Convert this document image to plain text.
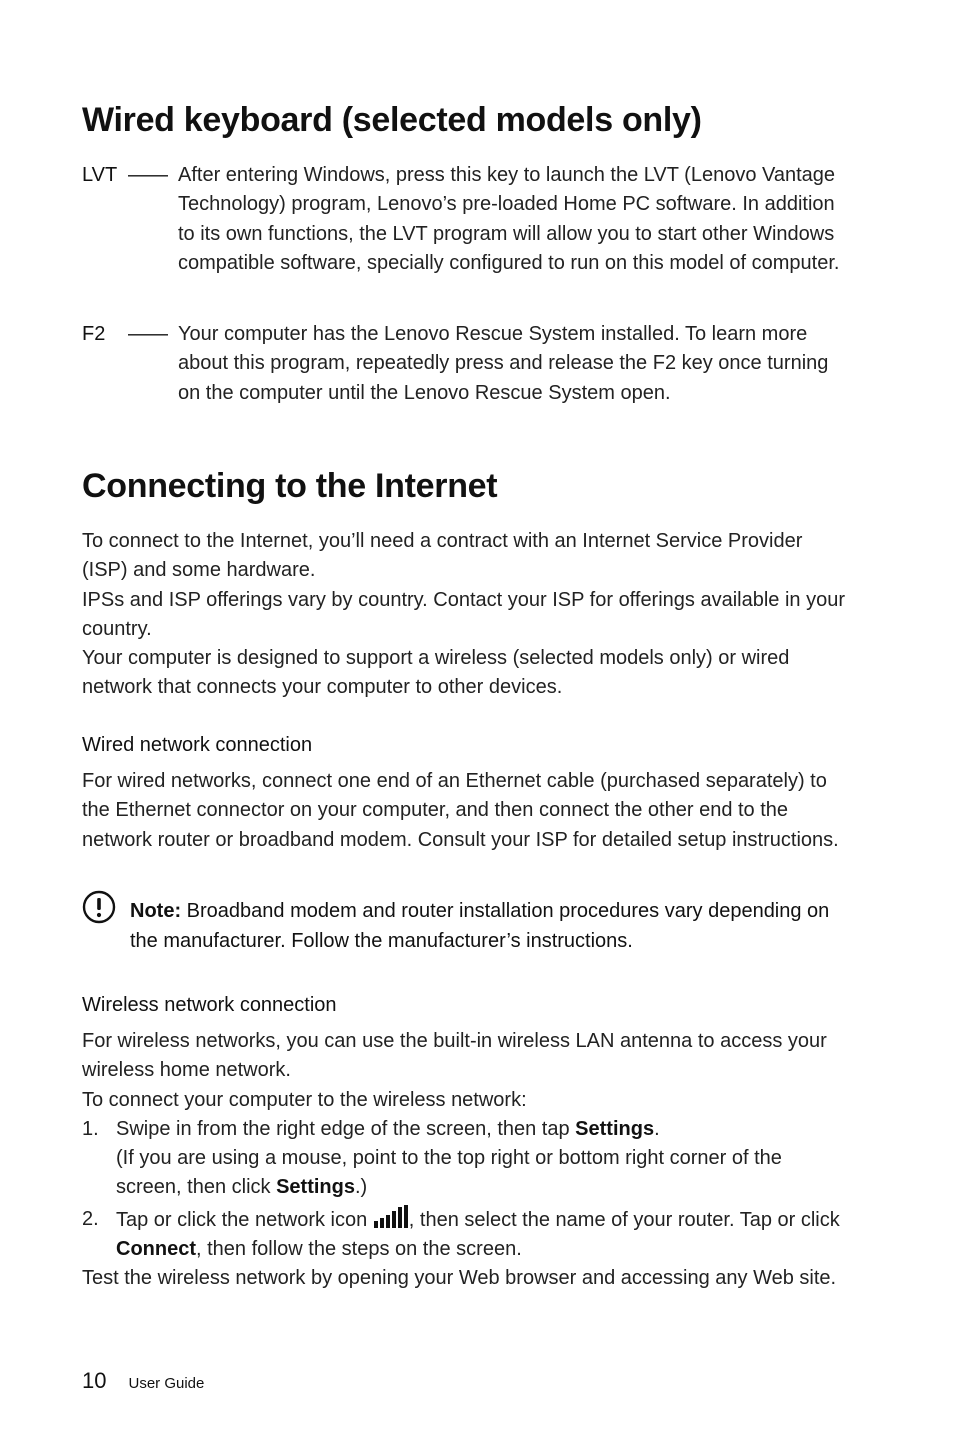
Wired keyboard (selected models only)
LVT —— After entering Windows, press this key to launch the LVT (Lenovo Vantage Technology) program, Lenovo’s pre-loaded Home PC software. In addition to its own functions, the LVT program will allow you to start other Windows compatible software, specially configured to run on this model of computer.
F2	—— Your computer has the Lenovo Rescue System installed. To learn more about this program, repeatedly press and release the F2 key once turning on the computer until the Lenovo Rescue System open.
Connecting to the Internet

To connect to the Internet, you’ll need a contract with an Internet Service Provider (ISP) and some hardware.

IPSs and ISP offerings vary by country. Contact your ISP for offerings available in your country.

Your computer is designed to support a wireless (selected models only) or wired network that connects your computer to other devices.

Wired network connection

For wired networks, connect one end of an Ethernet cable (purchased separately) to the Ethernet connector on your computer, and then connect the other end to the network router or broadband modem. Consult your ISP for detailed setup instructions.

Note: Broadband modem and router installation procedures vary depending on the manufacturer. Follow the manufacturer’s instructions.
Wireless network connection

For wireless networks, you can use the built-in wireless LAN antenna to access your wireless home network.

To connect your computer to the wireless network:

1. Swipe in from the right edge of the screen, then tap Settings.
(If you are using a mouse, point to the top right or bottom right corner of the screen, then click Settings.)
2. Tap or click the network icon , then select the name of your router. Tap or click Connect, then follow the steps on the screen.

Test the wireless network by opening your Web browser and accessing any Web site.

10 User Guide
